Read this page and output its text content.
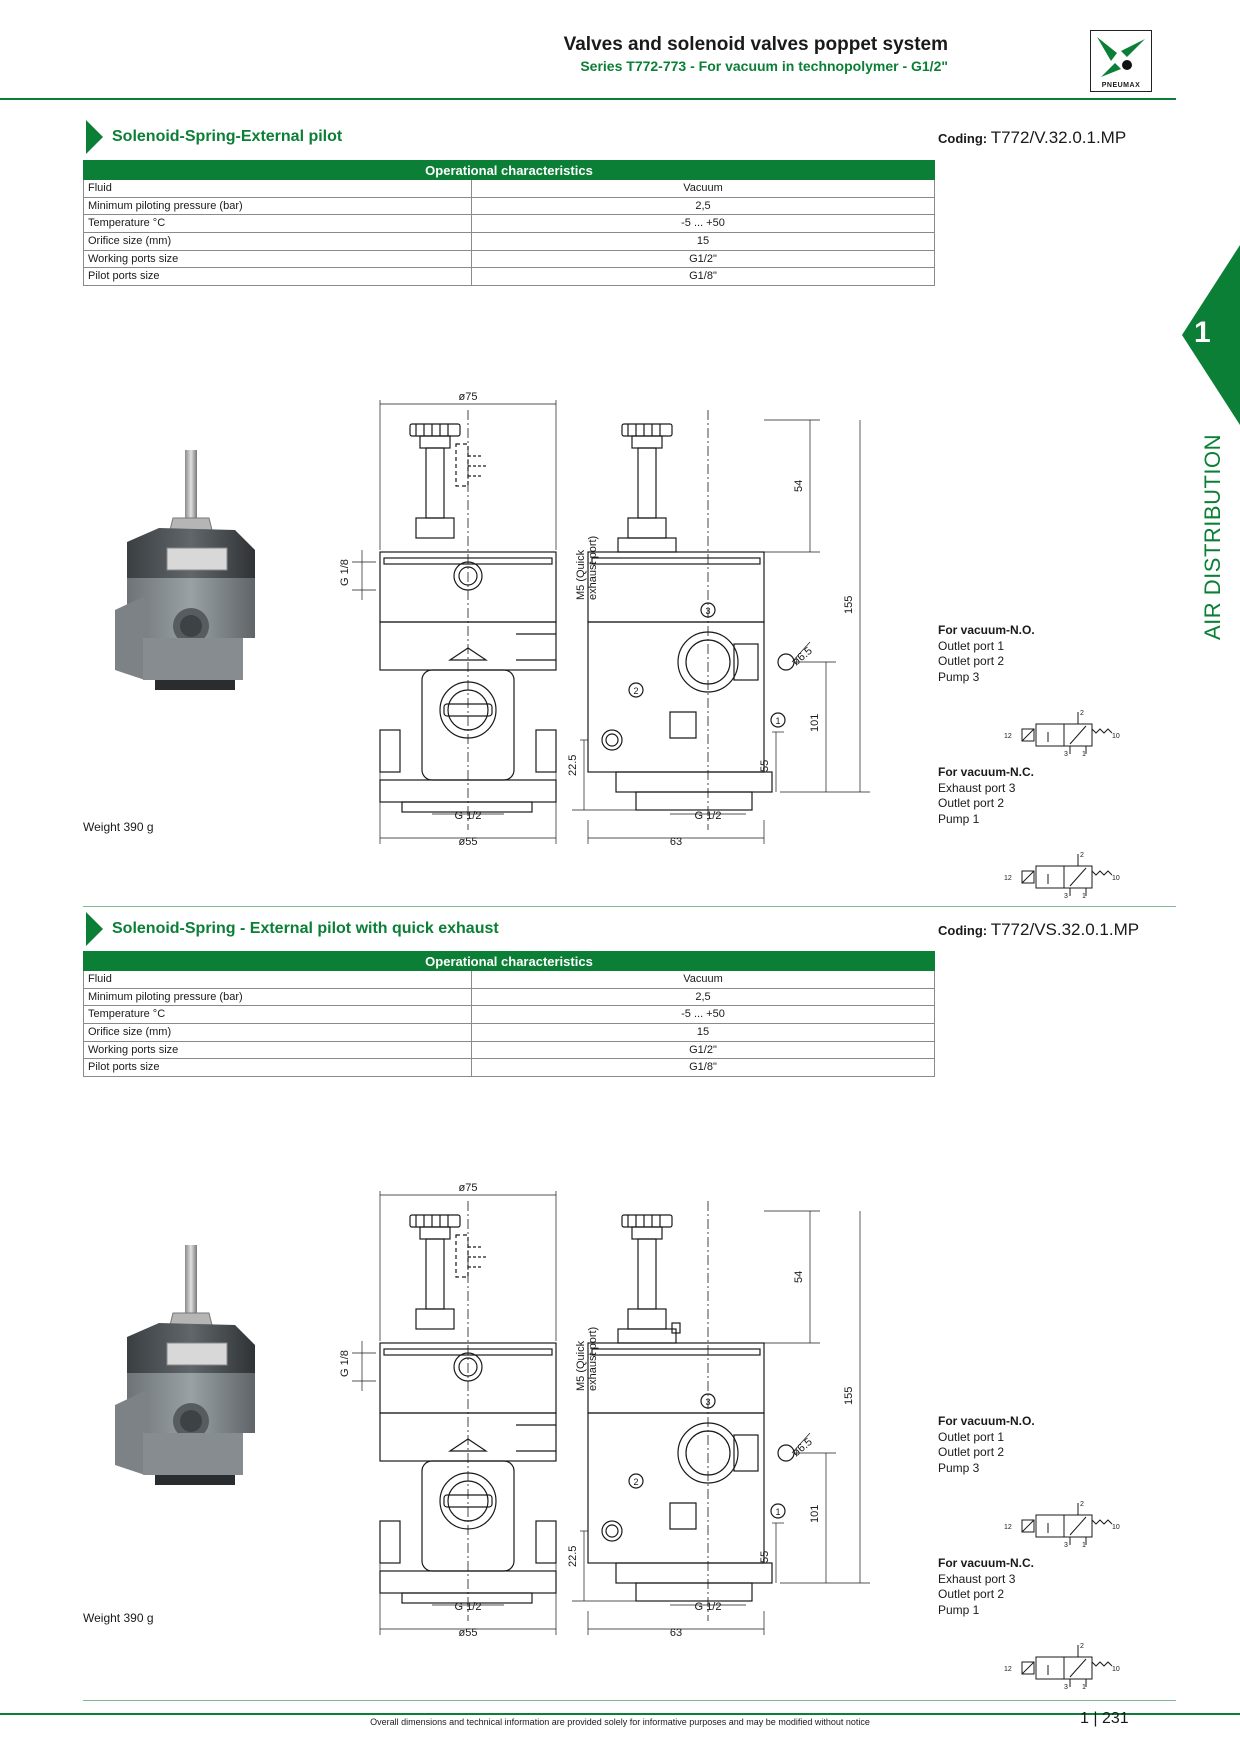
Valves and solenoid valves poppet system
Series T772-773 - For vacuum in technopolymer - G1/2"
PNEUMAX
1
AIR DISTRIBUTION
Solenoid-Spring-External pilot	Coding: T772/V.32.0.1.MP
Operational characteristics	
Fluid	Vacuum
Minimum piloting pressure (bar)	2,5
Temperature °C	-5 ... +50
Orifice size (mm)	15
Working ports size	G1/2"
Pilot ports size	G1/8"
Weight 390 g
ø75
G 1/8	M5 (Quick exhaust port)
54
155
101
ø6.5
55
22.5
G 1/2	G 1/2
ø55	63
3
2
1
For vacuum-N.O.
Outlet port 1
Outlet port 2
Pump 3
12	10
2
3 1
For vacuum-N.C.
Exhaust port 3
Outlet port 2
Pump 1
12	10
2
3 1
Solenoid-Spring - External pilot with quick exhaust	Coding: T772/VS.32.0.1.MP
Operational characteristics	
Fluid	Vacuum
Minimum piloting pressure (bar)	2,5
Temperature °C	-5 ... +50
Orifice size (mm)	15
Working ports size	G1/2"
Pilot ports size	G1/8"
Weight 390 g
ø75
G 1/8	M5 (Quick exhaust port)
54
155
101
ø6.5
55
22.5
G 1/2	G 1/2
ø55	63
3
2
1
For vacuum-N.O.
Outlet port 1
Outlet port 2
Pump 3
12	10
2
3 1
For vacuum-N.C.
Exhaust port 3
Outlet port 2
Pump 1
12	10
2
3 1
Overall dimensions and technical information are provided solely for informative purposes and may be modified without notice	1 | 231
